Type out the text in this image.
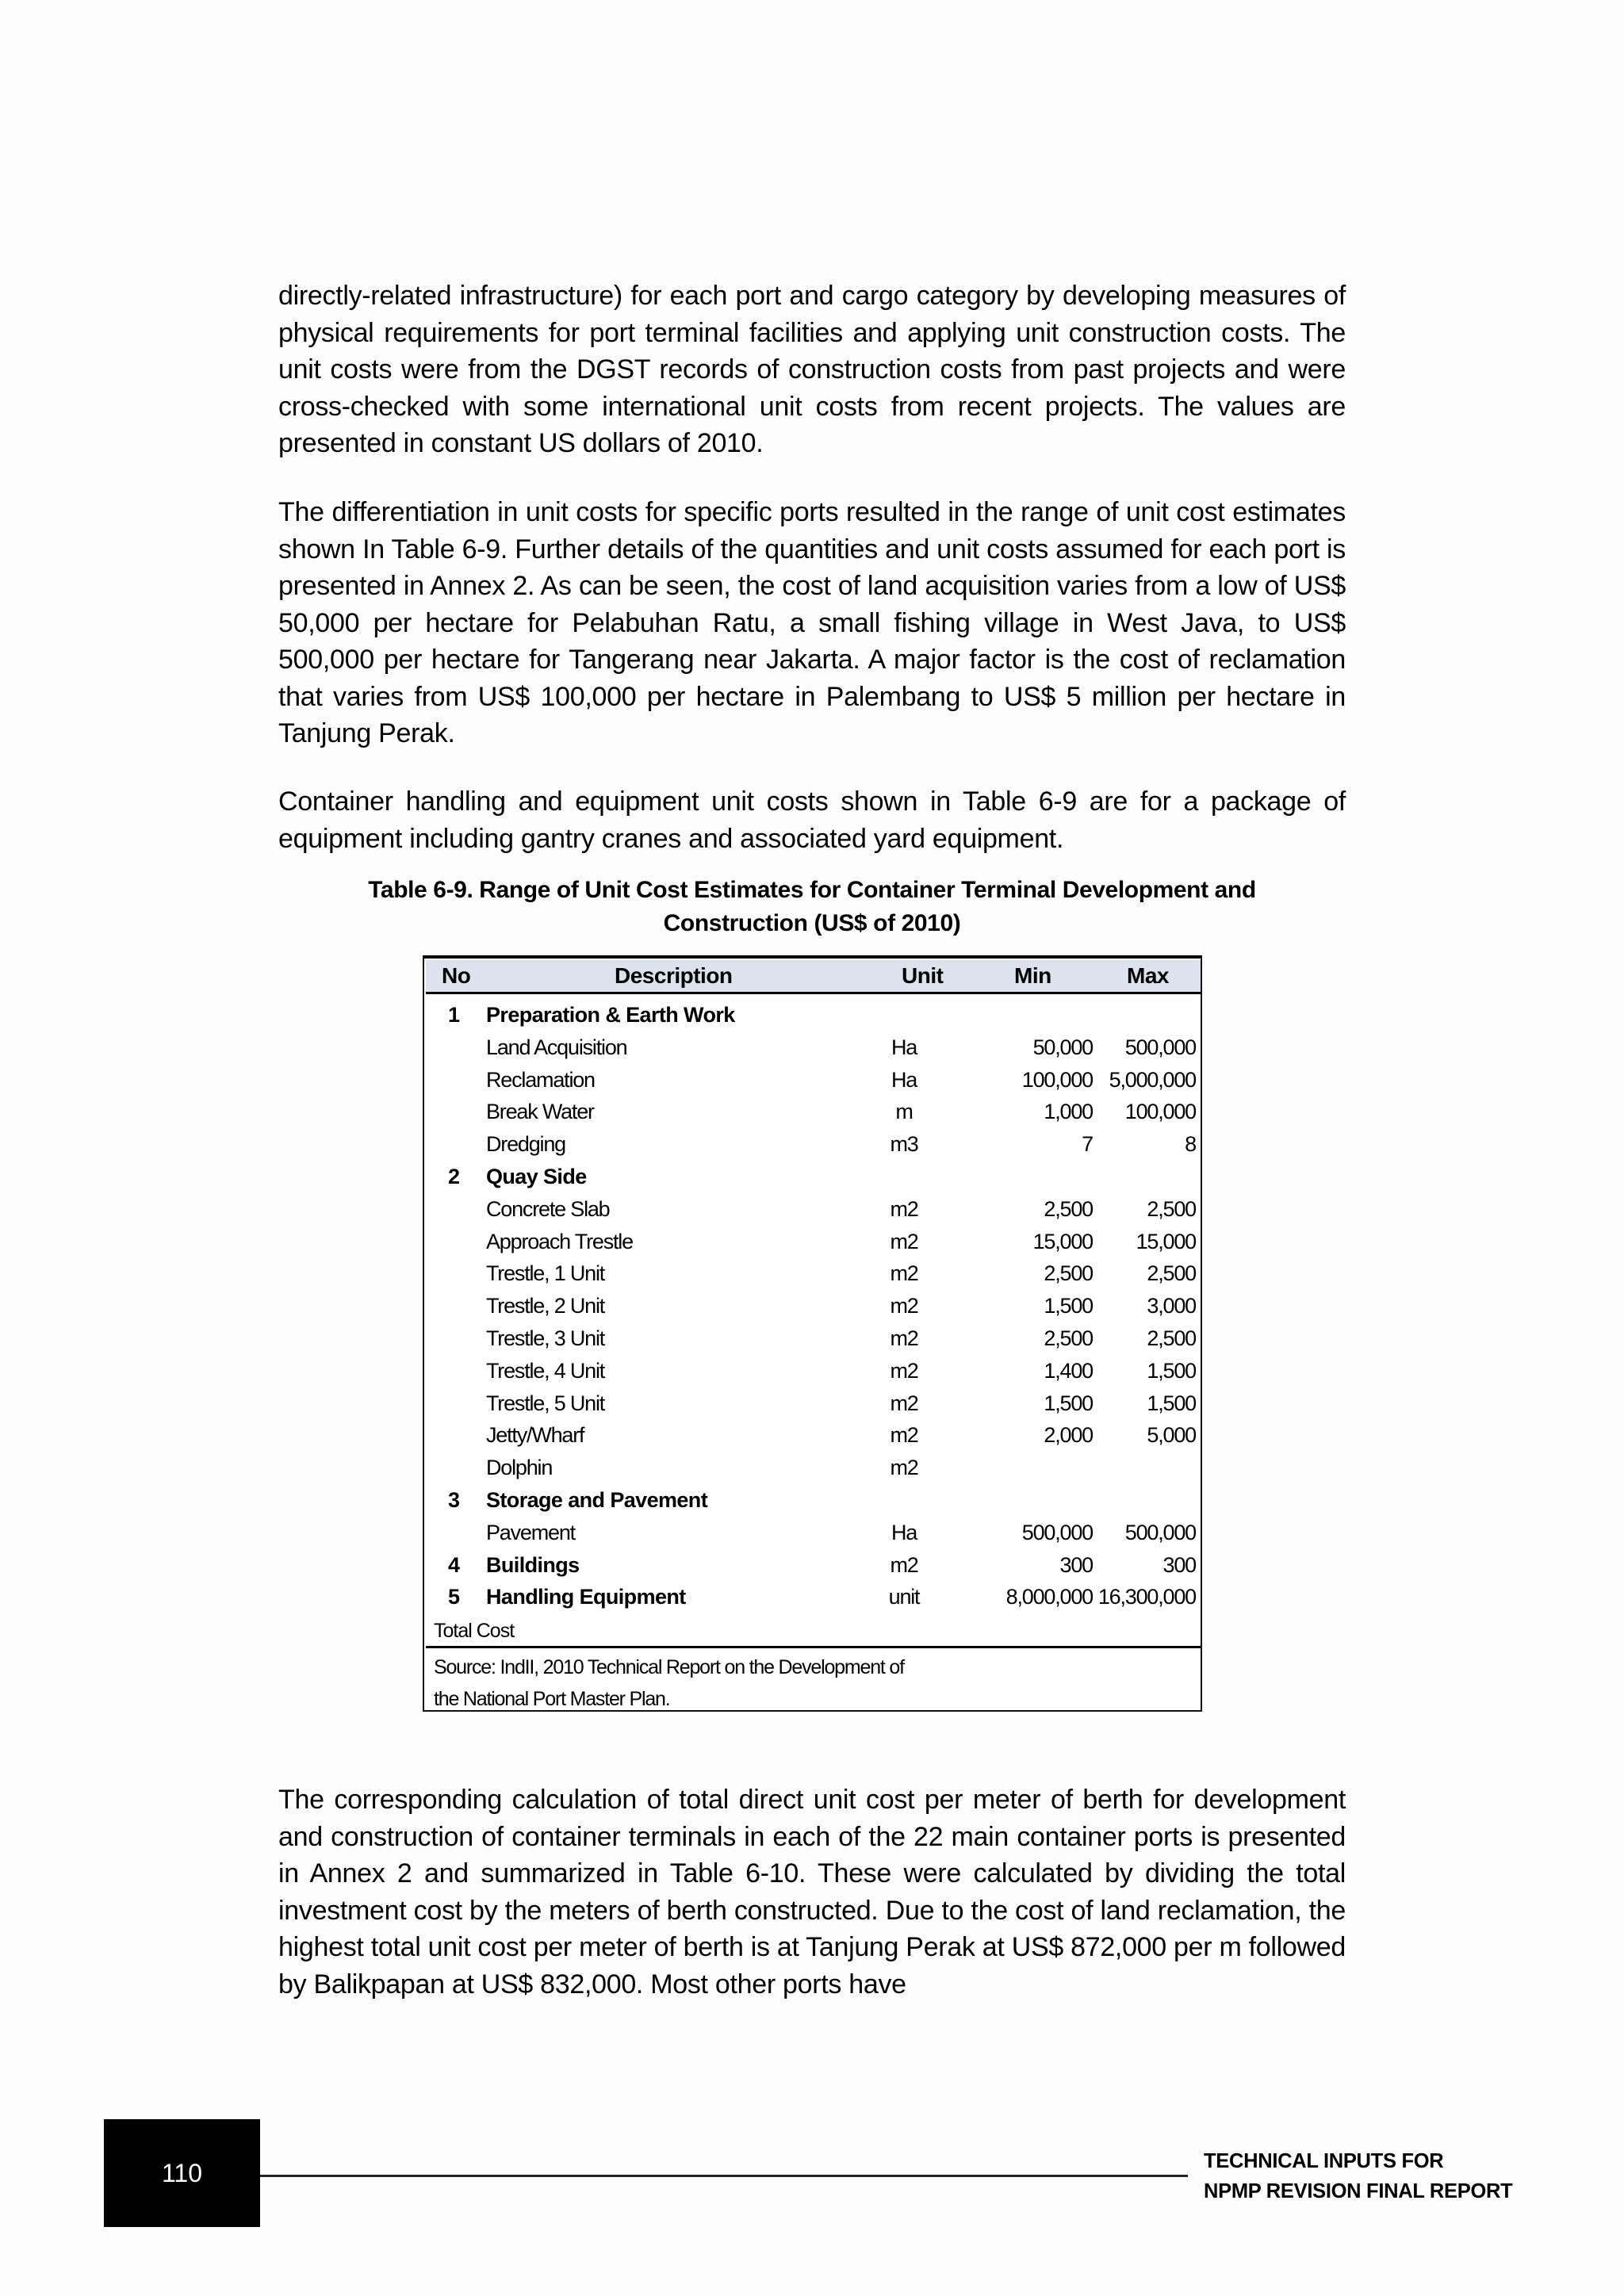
directly-related infrastructure) for each port and cargo category by developing measures of physical requirements for port terminal facilities and applying unit construction costs. The unit costs were from the DGST records of construction costs from past projects and were cross-checked with some international unit costs from recent projects. The values are presented in constant US dollars of 2010.

The differentiation in unit costs for specific ports resulted in the range of unit cost estimates shown In Table 6-9. Further details of the quantities and unit costs assumed for each port is presented in Annex 2. As can be seen, the cost of land acquisition varies from a low of US$ 50,000 per hectare for Pelabuhan Ratu, a small fishing village in West Java, to US$ 500,000 per hectare for Tangerang near Jakarta. A major factor is the cost of reclamation that varies from US$ 100,000 per hectare in Palembang to US$ 5 million per hectare in Tanjung Perak.

Container handling and equipment unit costs shown in Table 6-9 are for a package of equipment including gantry cranes and associated yard equipment.

Table 6-9. Range of Unit Cost Estimates for Container Terminal Development and
Construction (US$ of 2010)
No	Description	Unit	Min	Max
1 Preparation & Earth Work
Land Acquisition	Ha	50,000 500,000
Reclamation	Ha	100,000 5,000,000
Break Water	m	1,000 100,000
Dredging	m3	7	8
2 Quay Side
Concrete Slab	m2	2,500	2,500
Approach Trestle	m2	15,000 15,000
Trestle, 1 Unit	m2	2,500	2,500
Trestle, 2 Unit	m2	1,500	3,000
Trestle, 3 Unit	m2	2,500	2,500
Trestle, 4 Unit	m2	1,400	1,500
Trestle, 5 Unit	m2	1,500	1,500
Jetty/Wharf	m2	2,000	5,000
Dolphin	m2
3 Storage and Pavement
Pavement	Ha	500,000 500,000
4 Buildings	m2	300	300
5 Handling Equipment	unit	8,000,000 16,300,000
Total Cost
Source: IndII, 2010 Technical Report on the Development of
the National Port Master Plan.

The corresponding calculation of total direct unit cost per meter of berth for development and construction of container terminals in each of the 22 main container ports is presented in Annex 2 and summarized in Table 6-10. These were calculated by dividing the total investment cost by the meters of berth constructed. Due to the cost of land reclamation, the highest total unit cost per meter of berth is at Tanjung Perak at US$ 872,000 per m followed by Balikpapan at US$ 832,000. Most other ports have

110	TECHNICAL INPUTS FOR
NPMP REVISION FINAL REPORT
